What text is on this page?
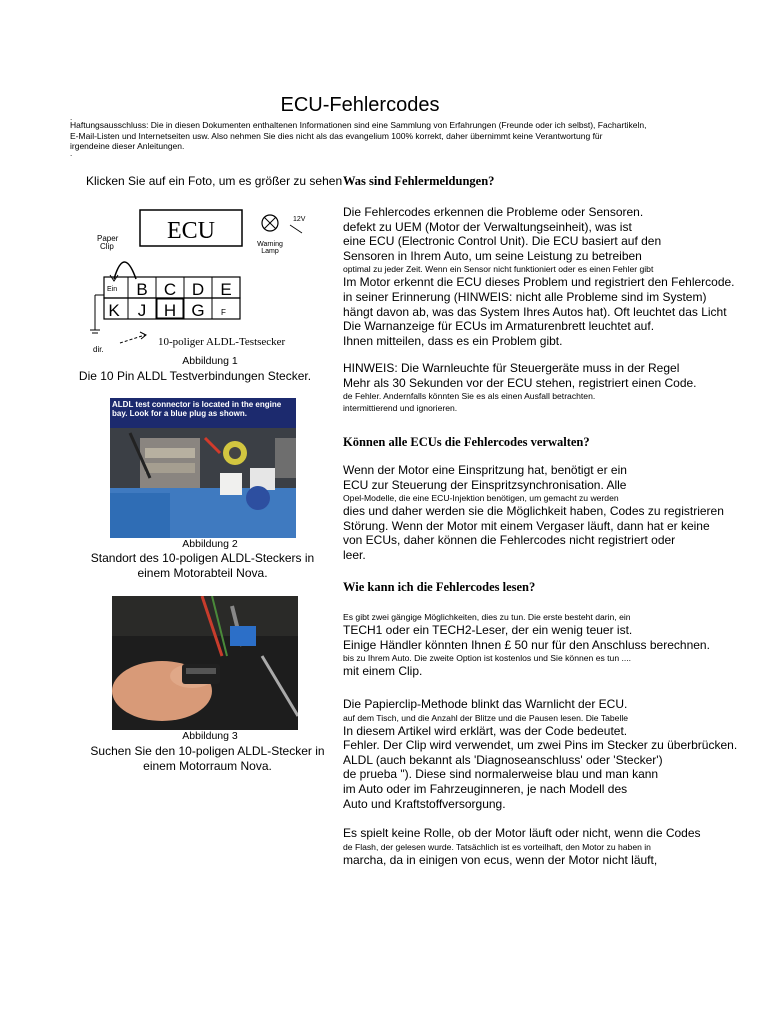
ECU-Fehlercodes
.
Haftungsausschluss: Die in diesen Dokumenten enthaltenen Informationen sind eine Sammlung von Erfahrungen (Freunde oder ich selbst), Fachartikeln,
E-Mail-Listen und Internetseiten usw. Also nehmen Sie dies nicht als das evangelium 100% korrekt, daher übernimmt keine Verantwortung für
irgendeine dieser Anleitungen.
.
Klicken Sie auf ein Foto, um es größer zu sehen
ECU
Warning
Lamp
12V
Paper
Clip
Ein B C D E
K J H G F
dir.
10-poliger ALDL-Testsecker
Abbildung 1
Die 10 Pin ALDL Testverbindungen Stecker.
ALDL test connector is located in the engine bay. Look for a blue plug as shown.
Abbildung 2
Standort des 10-poligen ALDL-Steckers in einem Motorabteil Nova.
Abbildung 3
Suchen Sie den 10-poligen ALDL-Stecker in einem Motorraum Nova.
Was sind Fehlermeldungen?
Die Fehlercodes erkennen die Probleme oder Sensoren.
defekt zu UEM (Motor der Verwaltungseinheit), was ist
eine ECU (Electronic Control Unit). Die ECU basiert auf den
Sensoren in Ihrem Auto, um seine Leistung zu betreiben
optimal zu jeder Zeit. Wenn ein Sensor nicht funktioniert oder es einen Fehler gibt
Im Motor erkennt die ECU dieses Problem und registriert den Fehlercode.
in seiner Erinnerung (HINWEIS: nicht alle Probleme sind im System)
hängt davon ab, was das System Ihres Autos hat). Oft leuchtet das Licht
Die Warnanzeige für ECUs im Armaturenbrett leuchtet auf.
Ihnen mitteilen, dass es ein Problem gibt.
HINWEIS: Die Warnleuchte für Steuergeräte muss in der Regel
Mehr als 30 Sekunden vor der ECU stehen, registriert einen Code.
de Fehler. Andernfalls könnten Sie es als einen Ausfall betrachten.
intermittierend und ignorieren.
Können alle ECUs die Fehlercodes verwalten?
Wenn der Motor eine Einspritzung hat, benötigt er ein
ECU zur Steuerung der Einspritzsynchronisation. Alle
Opel-Modelle, die eine ECU-Injektion benötigen, um gemacht zu werden
dies und daher werden sie die Möglichkeit haben, Codes zu registrieren
Störung. Wenn der Motor mit einem Vergaser läuft, dann hat er keine
von ECUs, daher können die Fehlercodes nicht registriert oder
leer.
Wie kann ich die Fehlercodes lesen?
Es gibt zwei gängige Möglichkeiten, dies zu tun. Die erste besteht darin, ein
TECH1 oder ein TECH2-Leser, der ein wenig teuer ist.
Einige Händler könnten Ihnen £ 50 nur für den Anschluss berechnen.
bis zu Ihrem Auto. Die zweite Option ist kostenlos und Sie können es tun ....
mit einem Clip.
Die Papierclip-Methode blinkt das Warnlicht der ECU.
auf dem Tisch, und die Anzahl der Blitze und die Pausen lesen. Die Tabelle
In diesem Artikel wird erklärt, was der Code bedeutet.
Fehler. Der Clip wird verwendet, um zwei Pins im Stecker zu überbrücken.
ALDL (auch bekannt als 'Diagnoseanschluss' oder 'Stecker')
de prueba "). Diese sind normalerweise blau und man kann
im Auto oder im Fahrzeuginneren, je nach Modell des
Auto und Kraftstoffversorgung.
Es spielt keine Rolle, ob der Motor läuft oder nicht, wenn die Codes
de Flash, der gelesen wurde. Tatsächlich ist es vorteilhaft, den Motor zu haben in
marcha, da in einigen von ecus, wenn der Motor nicht läuft,
